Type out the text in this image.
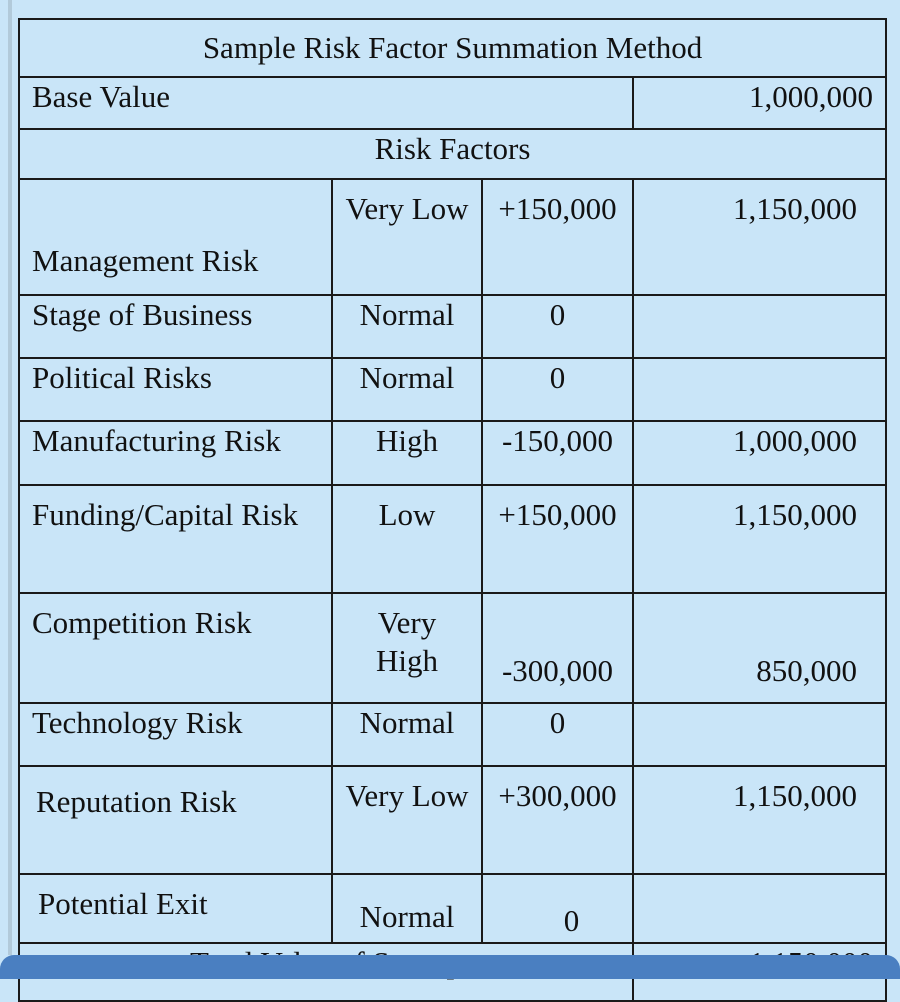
Sample Risk Factor Summation Method			
Base Value			1,000,000
Risk Factors			
Management Risk	Very Low	+150,000	1,150,000
Stage of Business	Normal	0	
Political Risks	Normal	0	
Manufacturing Risk	High	-150,000	1,000,000
Funding/Capital Risk	Low	+150,000	1,150,000
Competition Risk	Very High	-300,000	850,000
Technology Risk	Normal	0	
Reputation Risk	Very Low	+300,000	1,150,000
Potential Exit	Normal	0	
